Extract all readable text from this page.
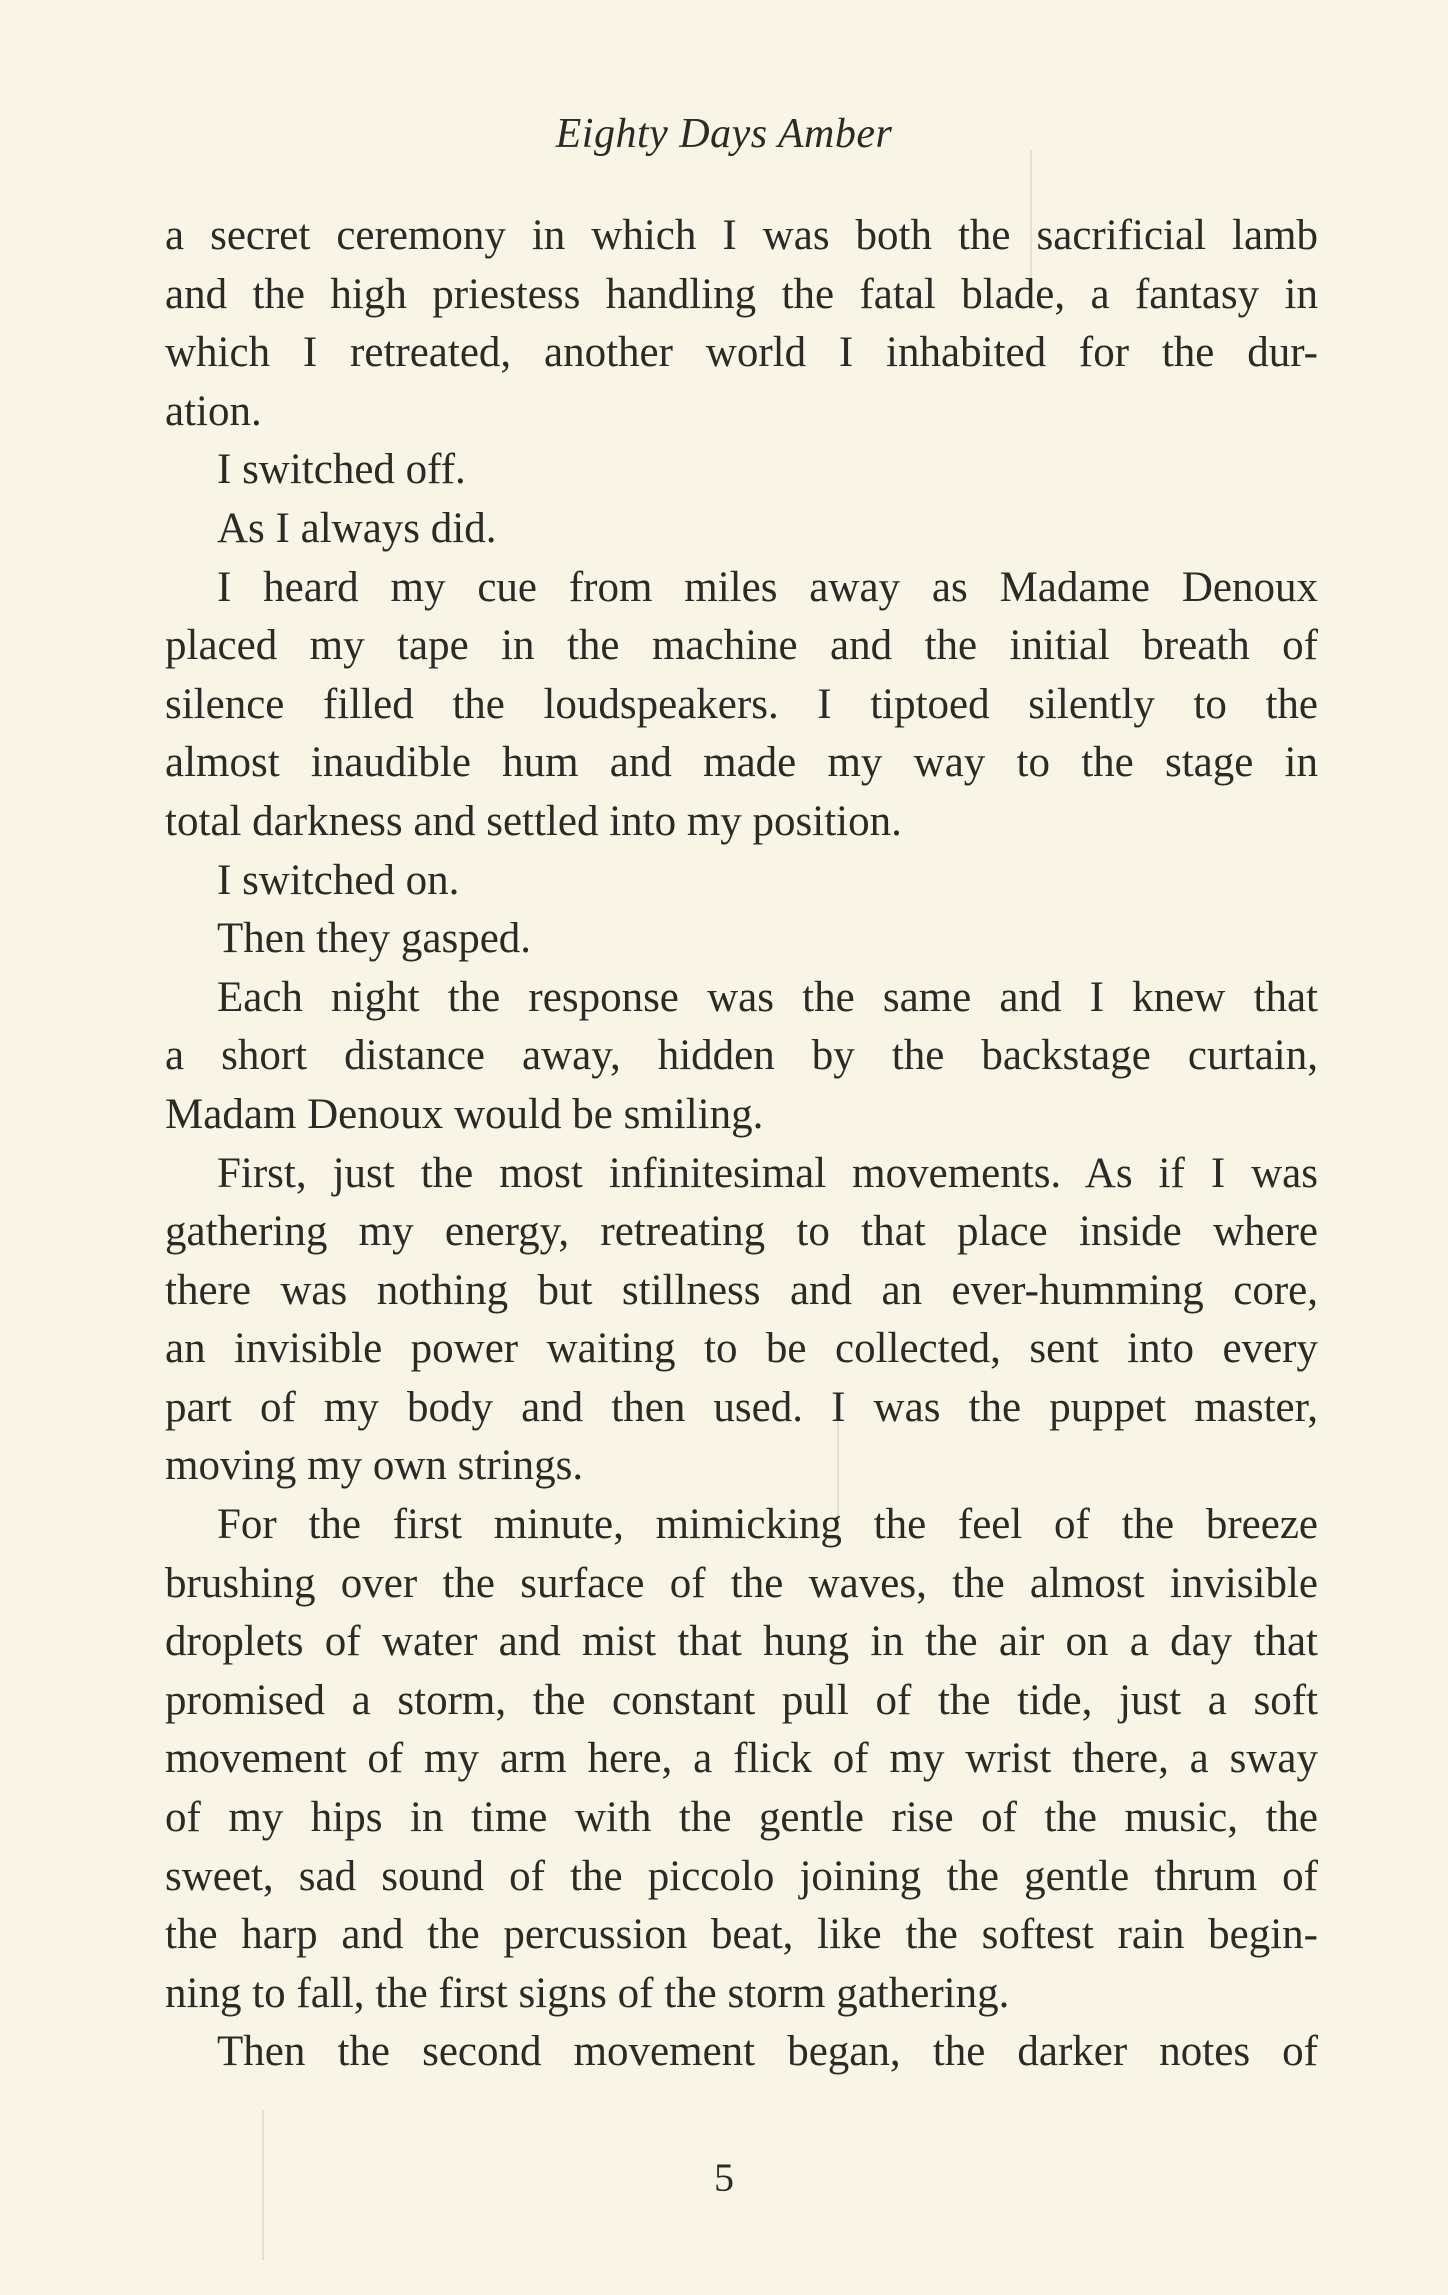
Eighty Days Amber
a secret ceremony in which I was both the sacrificial lamb
and the high priestess handling the fatal blade, a fantasy in
which I retreated, another world I inhabited for the dur-
ation.
I switched off.
As I always did.
I heard my cue from miles away as Madame Denoux
placed my tape in the machine and the initial breath of
silence filled the loudspeakers. I tiptoed silently to the
almost inaudible hum and made my way to the stage in
total darkness and settled into my position.
I switched on.
Then they gasped.
Each night the response was the same and I knew that
a short distance away, hidden by the backstage curtain,
Madam Denoux would be smiling.
First, just the most infinitesimal movements. As if I was
gathering my energy, retreating to that place inside where
there was nothing but stillness and an ever-humming core,
an invisible power waiting to be collected, sent into every
part of my body and then used. I was the puppet master,
moving my own strings.
For the first minute, mimicking the feel of the breeze
brushing over the surface of the waves, the almost invisible
droplets of water and mist that hung in the air on a day that
promised a storm, the constant pull of the tide, just a soft
movement of my arm here, a flick of my wrist there, a sway
of my hips in time with the gentle rise of the music, the
sweet, sad sound of the piccolo joining the gentle thrum of
the harp and the percussion beat, like the softest rain begin-
ning to fall, the first signs of the storm gathering.
Then the second movement began, the darker notes of
5
